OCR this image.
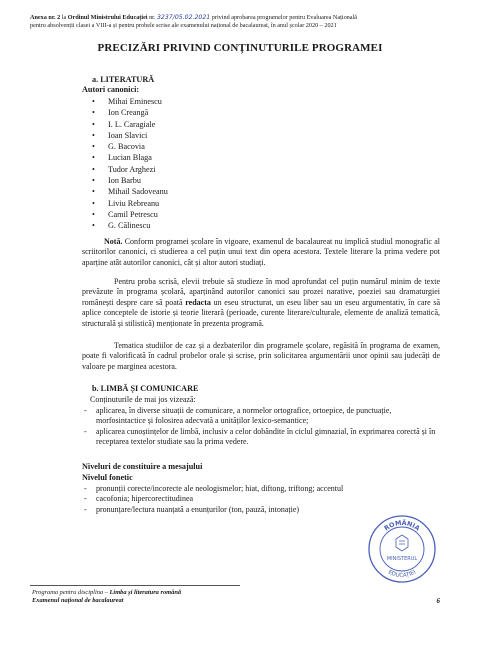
Anexa nr. 2 la Ordinul Ministrului Educației nr. 3237/05.02.2021 privind aprobarea programelor pentru Evaluarea Națională
pentru absolvenții clasei a VIII-a și pentru probele scrise ale examenului național de bacalaureat, în anul școlar 2020 – 2021
PRECIZĂRI PRIVIND CONȚINUTURILE PROGRAMEI
a. LITERATURĂ
Autori canonici:
• Mihai Eminescu
• Ion Creangă
• I. L. Caragiale
• Ioan Slavici
• G. Bacovia
• Lucian Blaga
• Tudor Arghezi
• Ion Barbu
• Mihail Sadoveanu
• Liviu Rebreanu
• Camil Petrescu
• G. Călinescu

Notă. Conform programei școlare în vigoare, examenul de bacalaureat nu implică studiul monografic al scriitorilor canonici, ci studierea a cel puțin unui text din opera acestora. Textele literare la prima vedere pot aparține atât autorilor canonici, cât și altor autori studiați.

Pentru proba scrisă, elevii trebuie să studieze în mod aprofundat cel puțin numărul minim de texte prevăzute în programa școlară, aparținând autorilor canonici sau prozei narative, poeziei sau dramaturgiei românești despre care să poată redacta un eseu structurat, un eseu liber sau un eseu argumentativ, în care să aplice conceptele de istorie și teorie literară (perioade, curente literare/culturale, elemente de analiză tematică, structurală și stilistică) menționate în prezenta programă.

Tematica studiilor de caz și a dezbaterilor din programele școlare, regăsită în programa de examen, poate fi valorificată în cadrul probelor orale și scrise, prin solicitarea argumentării unor opinii sau judecăți de valoare pe marginea acestora.

b. LIMBĂ ȘI COMUNICARE
Conținuturile de mai jos vizează:
- aplicarea, în diverse situații de comunicare, a normelor ortografice, ortoepice, de punctuație, morfosintactice și folosirea adecvată a unităților lexico-semantice;
- aplicarea cunoștințelor de limbă, inclusiv a celor dobândite în ciclul gimnazial, în exprimarea corectă și în receptarea textelor studiate sau la prima vedere.
Niveluri de constituire a mesajului
Nivelul fonetic
- pronunții corecte/incorecte ale neologismelor; hiat, diftong, triftong; accentul
- cacofonia; hipercorectitudinea
- pronunțare/lectura nuanțată a enunțurilor (ton, pauză, intonație)
ROMÂNIA
EDUCAȚIEI
MINISTERUL
Programa pentru disciplina – Limba și literatura română
Examenul național de bacalaureat	6
